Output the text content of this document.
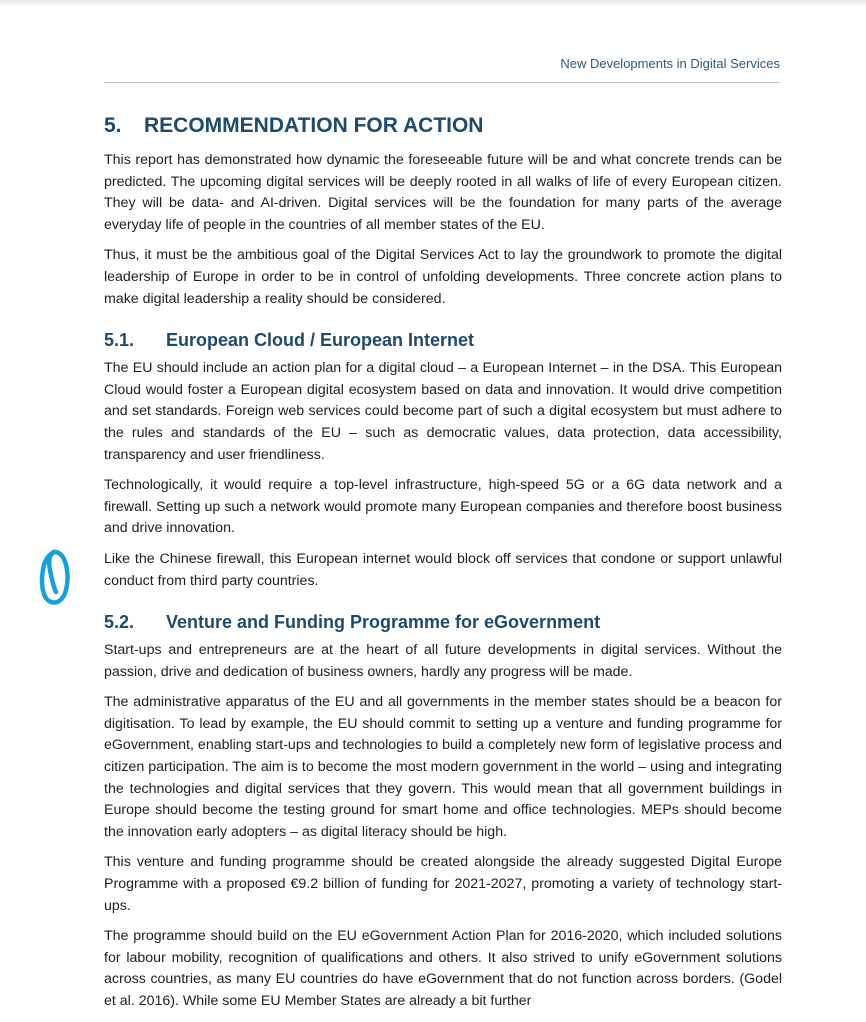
New Developments in Digital Services
5. RECOMMENDATION FOR ACTION

This report has demonstrated how dynamic the foreseeable future will be and what concrete trends can be predicted. The upcoming digital services will be deeply rooted in all walks of life of every European citizen. They will be data- and AI-driven. Digital services will be the foundation for many parts of the average everyday life of people in the countries of all member states of the EU.

Thus, it must be the ambitious goal of the Digital Services Act to lay the groundwork to promote the digital leadership of Europe in order to be in control of unfolding developments. Three concrete action plans to make digital leadership a reality should be considered.

5.1. European Cloud / European Internet

The EU should include an action plan for a digital cloud – a European Internet – in the DSA. This European Cloud would foster a European digital ecosystem based on data and innovation. It would drive competition and set standards. Foreign web services could become part of such a digital ecosystem but must adhere to the rules and standards of the EU – such as democratic values, data protection, data accessibility, transparency and user friendliness.

Technologically, it would require a top-level infrastructure, high-speed 5G or a 6G data network and a firewall. Setting up such a network would promote many European companies and therefore boost business and drive innovation.

Like the Chinese firewall, this European internet would block off services that condone or support unlawful conduct from third party countries.

5.2. Venture and Funding Programme for eGovernment

Start-ups and entrepreneurs are at the heart of all future developments in digital services. Without the passion, drive and dedication of business owners, hardly any progress will be made.

The administrative apparatus of the EU and all governments in the member states should be a beacon for digitisation. To lead by example, the EU should commit to setting up a venture and funding programme for eGovernment, enabling start-ups and technologies to build a completely new form of legislative process and citizen participation. The aim is to become the most modern government in the world – using and integrating the technologies and digital services that they govern. This would mean that all government buildings in Europe should become the testing ground for smart home and office technologies. MEPs should become the innovation early adopters – as digital literacy should be high.

This venture and funding programme should be created alongside the already suggested Digital Europe Programme with a proposed €9.2 billion of funding for 2021-2027, promoting a variety of technology start-ups.

The programme should build on the EU eGovernment Action Plan for 2016-2020, which included solutions for labour mobility, recognition of qualifications and others. It also strived to unify eGovernment solutions across countries, as many EU countries do have eGovernment that do not function across borders. (Godel et al. 2016). While some EU Member States are already a bit further
